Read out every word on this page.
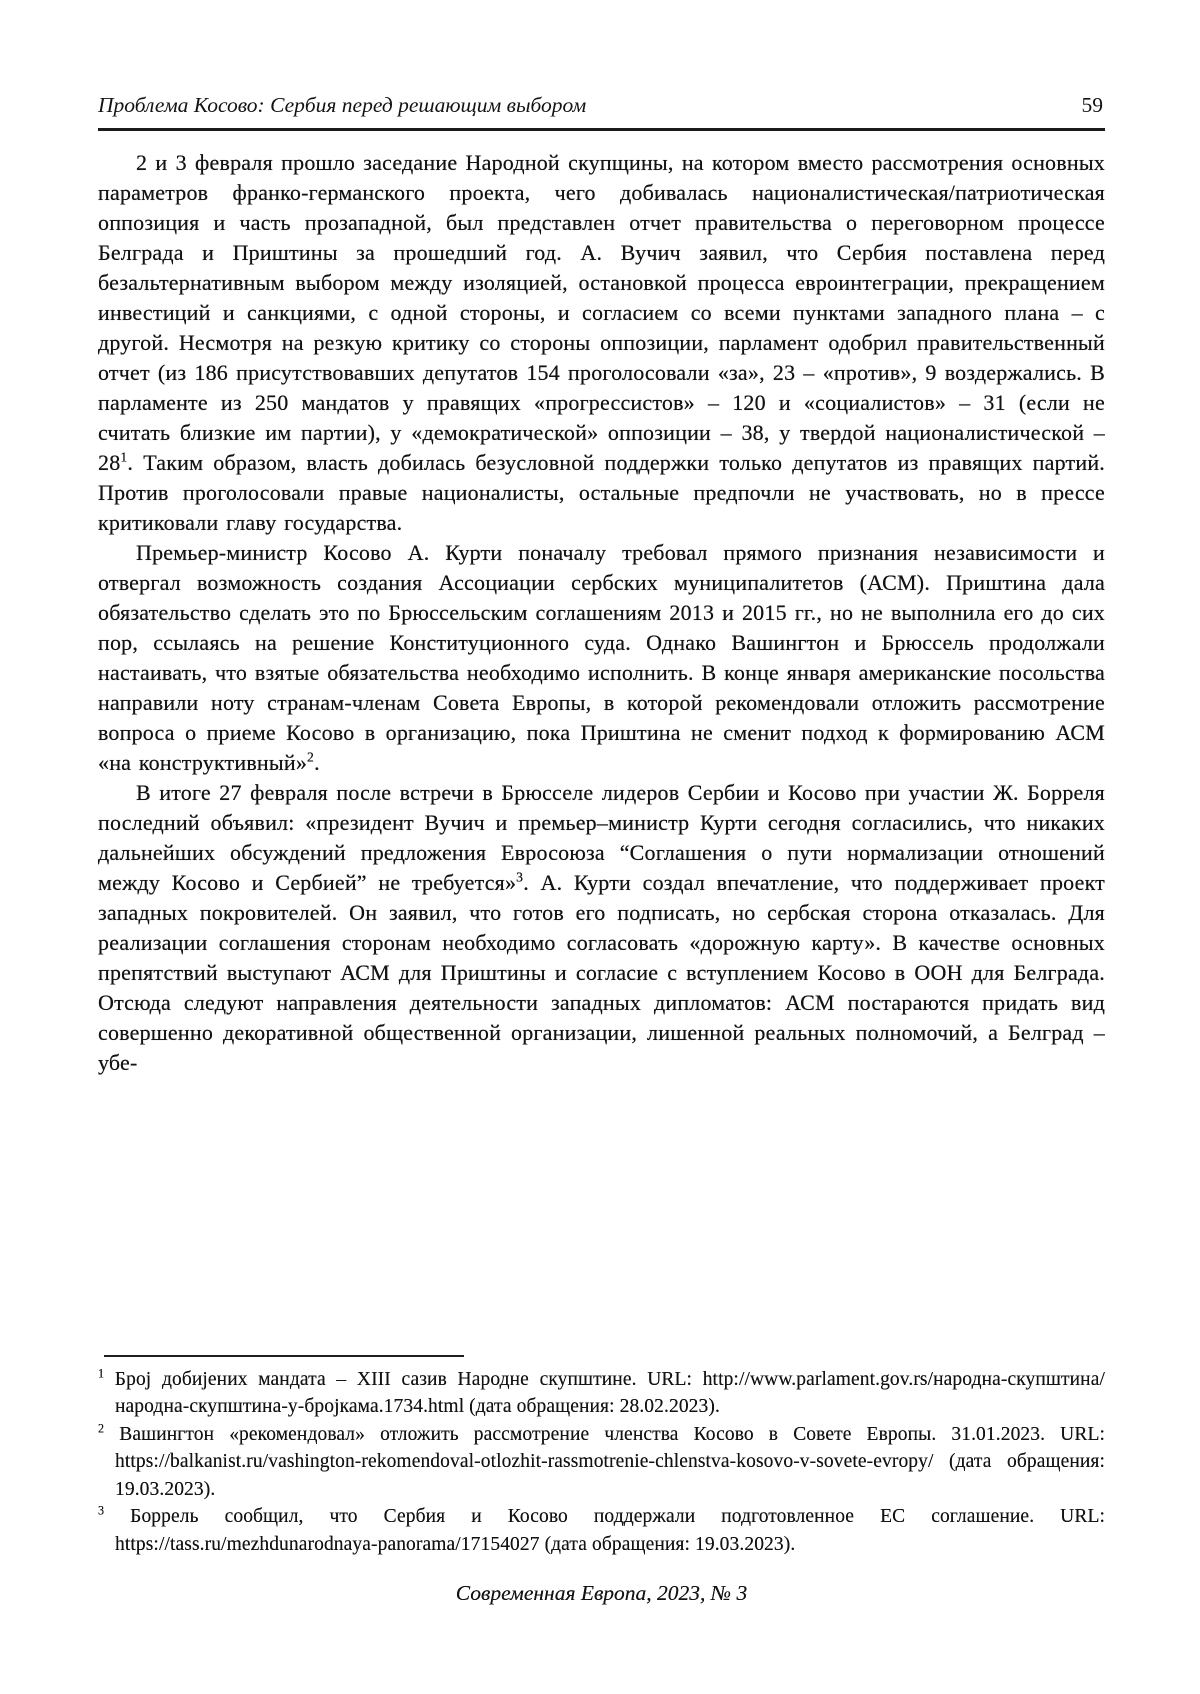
Проблема Косово: Сербия перед решающим выбором	59

2 и 3 февраля прошло заседание Народной скупщины, на котором вместо рассмотрения основных параметров франко-германского проекта, чего добивалась националистическая/патриотическая оппозиция и часть прозападной, был представлен отчет правительства о переговорном процессе Белграда и Приштины за прошедший год. А. Вучич заявил, что Сербия поставлена перед безальтернативным выбором между изоляцией, остановкой процесса евроинтеграции, прекращением инвестиций и санкциями, с одной стороны, и согласием со всеми пунктами западного плана – с другой. Несмотря на резкую критику со стороны оппозиции, парламент одобрил правительственный отчет (из 186 присутствовавших депутатов 154 проголосовали «за», 23 – «против», 9 воздержались. В парламенте из 250 мандатов у правящих «прогрессистов» – 120 и «социалистов» – 31 (если не считать близкие им партии), у «демократической» оппозиции – 38, у твердой националистической – $28^1$. Таким образом, власть добилась безусловной поддержки только депутатов из правящих партий. Против проголосовали правые националисты, остальные предпочли не участвовать, но в прессе критиковали главу государства.

Премьер-министр Косово А. Курти поначалу требовал прямого признания независимости и отвергал возможность создания Ассоциации сербских муниципалитетов (АСМ). Приштина дала обязательство сделать это по Брюссельским соглашениям 2013 и 2015 гг., но не выполнила его до сих пор, ссылаясь на решение Конституционного суда. Однако Вашингтон и Брюссель продолжали настаивать, что взятые обязательства необходимо исполнить. В конце января американские посольства направили ноту странам-членам Совета Европы, в которой рекомендовали отложить рассмотрение вопроса о приеме Косово в организацию, пока Приштина не сменит подход к формированию АСМ «на конструктивный»$^2$.

В итоге 27 февраля после встречи в Брюсселе лидеров Сербии и Косово при участии Ж. Борреля последний объявил: «президент Вучич и премьер–министр Курти сегодня согласились, что никаких дальнейших обсуждений предложения Евросоюза “Соглашения о пути нормализации отношений между Косово и Сербией” не требуется»$^3$. А. Курти создал впечатление, что поддерживает проект западных покровителей. Он заявил, что готов его подписать, но сербская сторона отказалась. Для реализации соглашения сторонам необходимо согласовать «дорожную карту». В качестве основных препятствий выступают АСМ для Приштины и согласие с вступлением Косово в ООН для Белграда. Отсюда следуют направления деятельности западных дипломатов: АСМ постараются придать вид совершенно декоративной общественной организации, лишенной реальных полномочий, а Белград – убе-

$^1$ Број добијених мандата – XIII сазив Народне скупштине. URL: http://www.parlament.gov.rs/народна-скупштина/народна-скупштина-у-бројкама.1734.html (дата обращения: 28.02.2023).
$^2$ Вашингтон «рекомендовал» отложить рассмотрение членства Косово в Совете Европы. 31.01.2023. URL: https://balkanist.ru/vashington-rekomendoval-otlozhit-rassmotrenie-chlenstva-kosovo-v-sovete-evropy/ (дата обращения: 19.03.2023).
$^3$ Боррель сообщил, что Сербия и Косово поддержали подготовленное ЕС соглашение. URL: https://tass.ru/mezhdunarodnaya-panorama/17154027 (дата обращения: 19.03.2023).
Современная Европа, 2023, № 3
